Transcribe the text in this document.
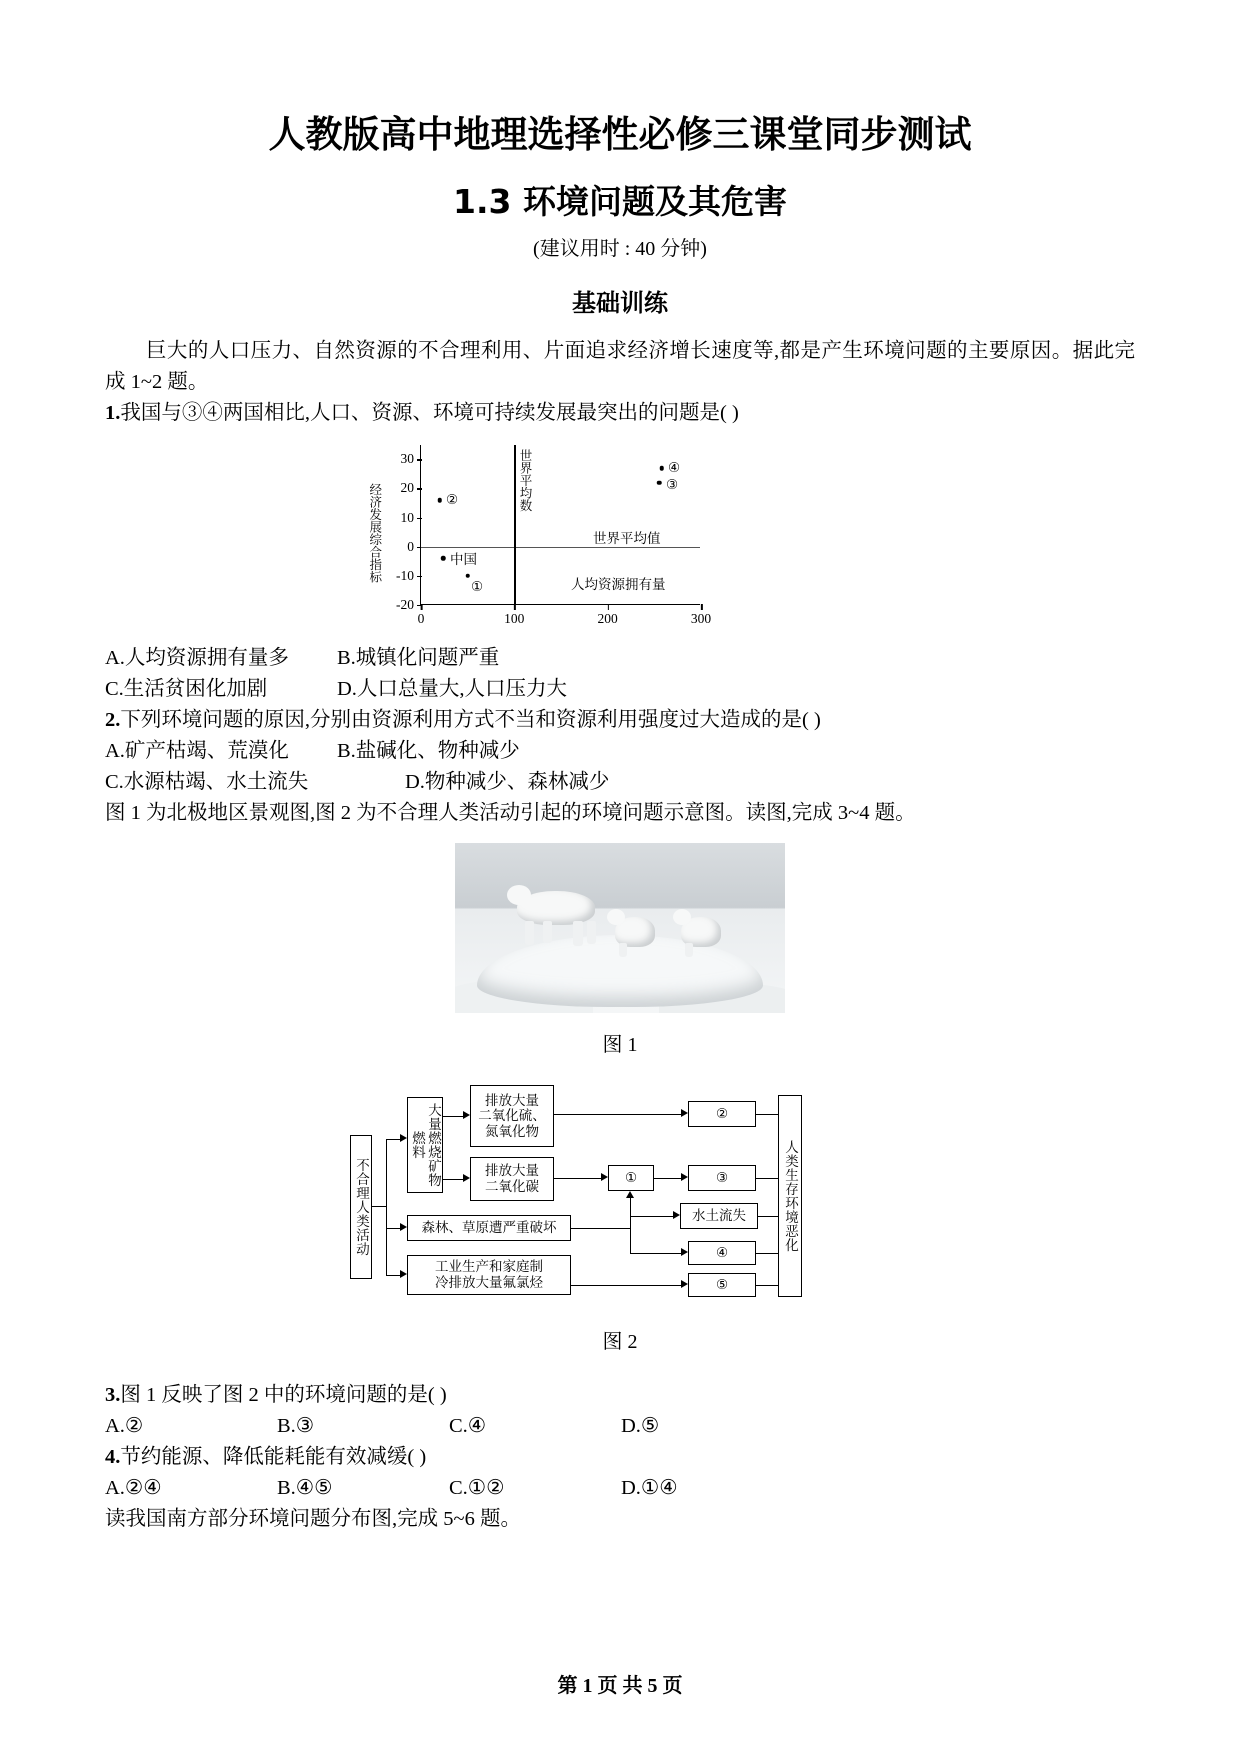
人教版高中地理选择性必修三课堂同步测试
1.3 环境问题及其危害

(建议用时 : 40 分钟)

基础训练

巨大的人口压力、自然资源的不合理利用、片面追求经济增长速度等,都是产生环境问题的主要原因。据此完成 1~2 题。

1.我国与③④两国相比,人口、资源、环境可持续发展最突出的问题是( )

经济发展综合指标
30
20
10
0
-10
-20
0	100	200	300
世界平均数
世界平均值
②
中国
①
④
③
人均资源拥有量
A.人均资源拥有量多	B.城镇化问题严重
C.生活贫困化加剧	D.人口总量大,人口压力大

2.下列环境问题的原因,分别由资源利用方式不当和资源利用强度过大造成的是( )

A.矿产枯竭、荒漠化	B.盐碱化、物种减少
C.水源枯竭、水土流失	D.物种减少、森林减少

图 1 为北极地区景观图,图 2 为不合理人类活动引起的环境问题示意图。读图,完成 3~4 题。

图 1

不合理人类活动
大量燃烧矿物燃料
排放大量
二氧化硫、
氮氧化物
排放大量
二氧化碳
森林、草原遭严重破坏
工业生产和家庭制
冷排放大量氟氯烃
①
②
③
水土流失
④
⑤
人类生存环境恶化

图 2

3.图 1 反映了图 2 中的环境问题的是( )

A.②	B.③	C.④	D.⑤

4.节约能源、降低能耗能有效减缓( )

A.②④	B.④⑤	C.①②	D.①④

读我国南方部分环境问题分布图,完成 5~6 题。

第 1 页 共 5 页
